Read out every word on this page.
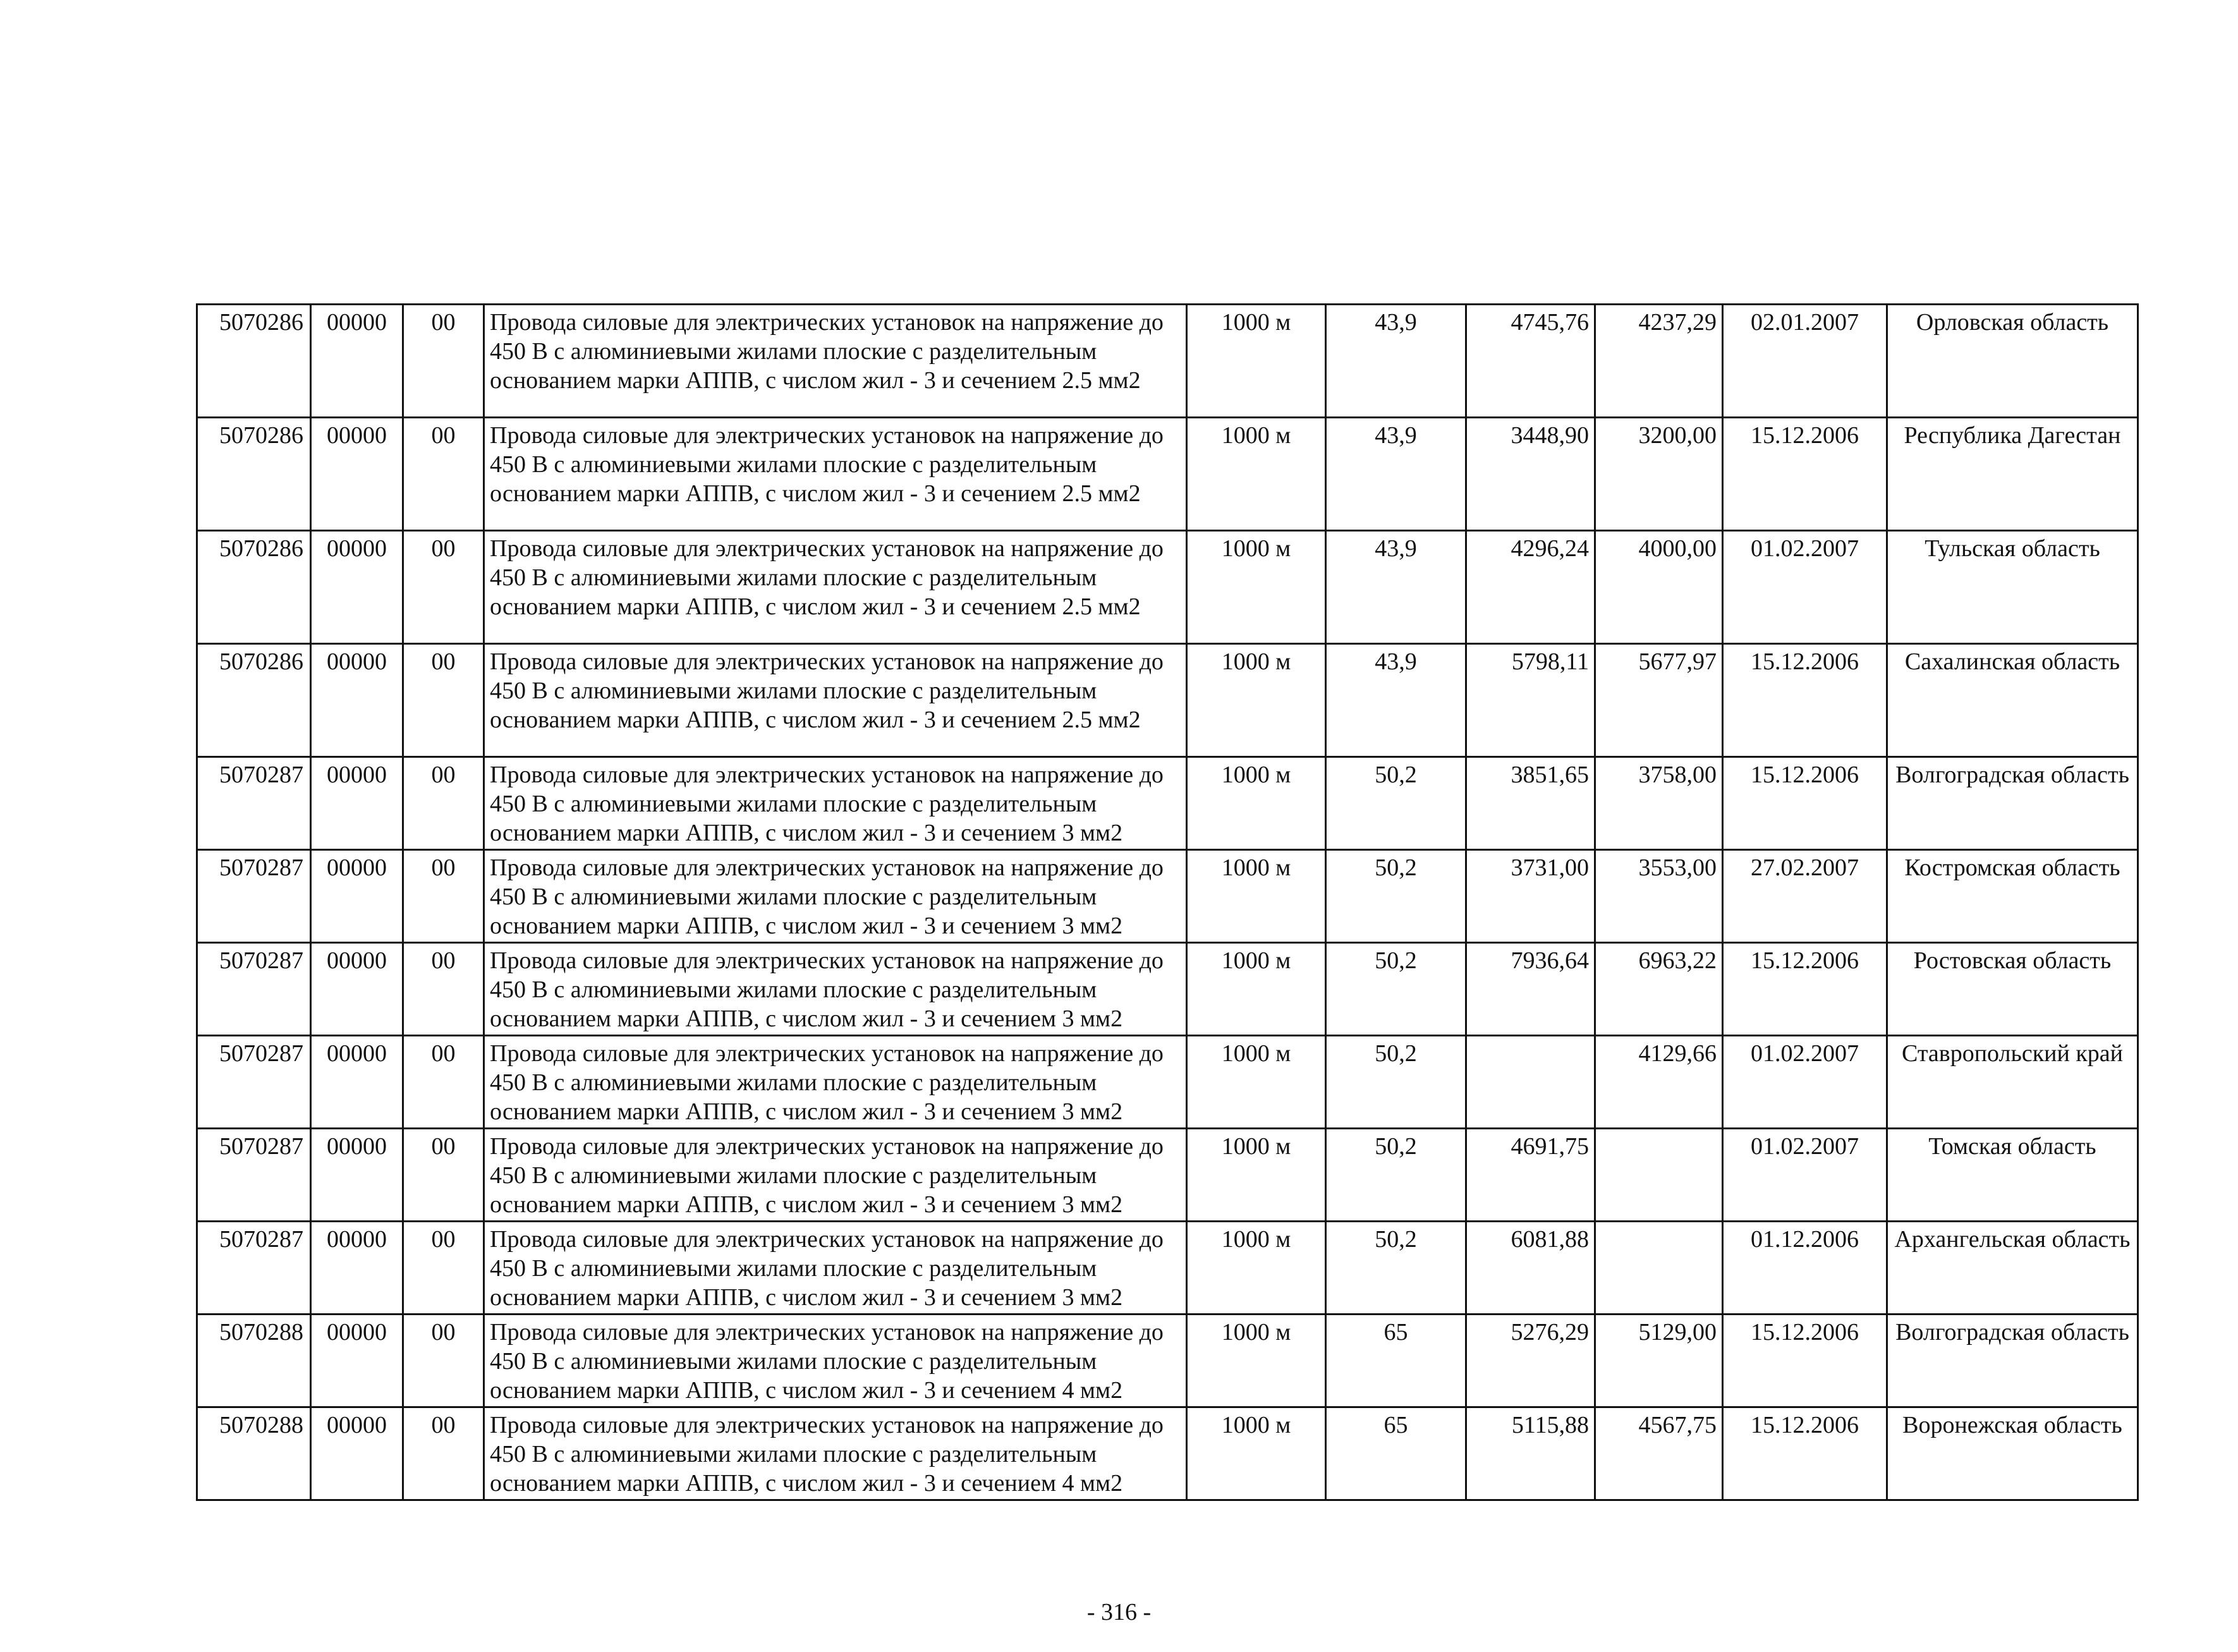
5070286	00000	00	Провода силовые для электрических установок на напряжение до 450 В с алюминиевыми жилами плоские с разделительным основанием марки АППВ, с числом жил - 3 и сечением 2.5 мм2	1000 м	43,9	4745,76	4237,29	02.01.2007	Орловская область
5070286	00000	00	Провода силовые для электрических установок на напряжение до 450 В с алюминиевыми жилами плоские с разделительным основанием марки АППВ, с числом жил - 3 и сечением 2.5 мм2	1000 м	43,9	3448,90	3200,00	15.12.2006	Республика Дагестан
5070286	00000	00	Провода силовые для электрических установок на напряжение до 450 В с алюминиевыми жилами плоские с разделительным основанием марки АППВ, с числом жил - 3 и сечением 2.5 мм2	1000 м	43,9	4296,24	4000,00	01.02.2007	Тульская область
5070286	00000	00	Провода силовые для электрических установок на напряжение до 450 В с алюминиевыми жилами плоские с разделительным основанием марки АППВ, с числом жил - 3 и сечением 2.5 мм2	1000 м	43,9	5798,11	5677,97	15.12.2006	Сахалинская область
5070287	00000	00	Провода силовые для электрических установок на напряжение до 450 В с алюминиевыми жилами плоские с разделительным основанием марки АППВ, с числом жил - 3 и сечением 3 мм2	1000 м	50,2	3851,65	3758,00	15.12.2006	Волгоградская область
5070287	00000	00	Провода силовые для электрических установок на напряжение до 450 В с алюминиевыми жилами плоские с разделительным основанием марки АППВ, с числом жил - 3 и сечением 3 мм2	1000 м	50,2	3731,00	3553,00	27.02.2007	Костромская область
5070287	00000	00	Провода силовые для электрических установок на напряжение до 450 В с алюминиевыми жилами плоские с разделительным основанием марки АППВ, с числом жил - 3 и сечением 3 мм2	1000 м	50,2	7936,64	6963,22	15.12.2006	Ростовская область
5070287	00000	00	Провода силовые для электрических установок на напряжение до 450 В с алюминиевыми жилами плоские с разделительным основанием марки АППВ, с числом жил - 3 и сечением 3 мм2	1000 м	50,2		4129,66	01.02.2007	Ставропольский край
5070287	00000	00	Провода силовые для электрических установок на напряжение до 450 В с алюминиевыми жилами плоские с разделительным основанием марки АППВ, с числом жил - 3 и сечением 3 мм2	1000 м	50,2	4691,75		01.02.2007	Томская область
5070287	00000	00	Провода силовые для электрических установок на напряжение до 450 В с алюминиевыми жилами плоские с разделительным основанием марки АППВ, с числом жил - 3 и сечением 3 мм2	1000 м	50,2	6081,88		01.12.2006	Архангельская область
5070288	00000	00	Провода силовые для электрических установок на напряжение до 450 В с алюминиевыми жилами плоские с разделительным основанием марки АППВ, с числом жил - 3 и сечением 4 мм2	1000 м	65	5276,29	5129,00	15.12.2006	Волгоградская область
5070288	00000	00	Провода силовые для электрических установок на напряжение до 450 В с алюминиевыми жилами плоские с разделительным основанием марки АППВ, с числом жил - 3 и сечением 4 мм2	1000 м	65	5115,88	4567,75	15.12.2006	Воронежская область
- 316 -
